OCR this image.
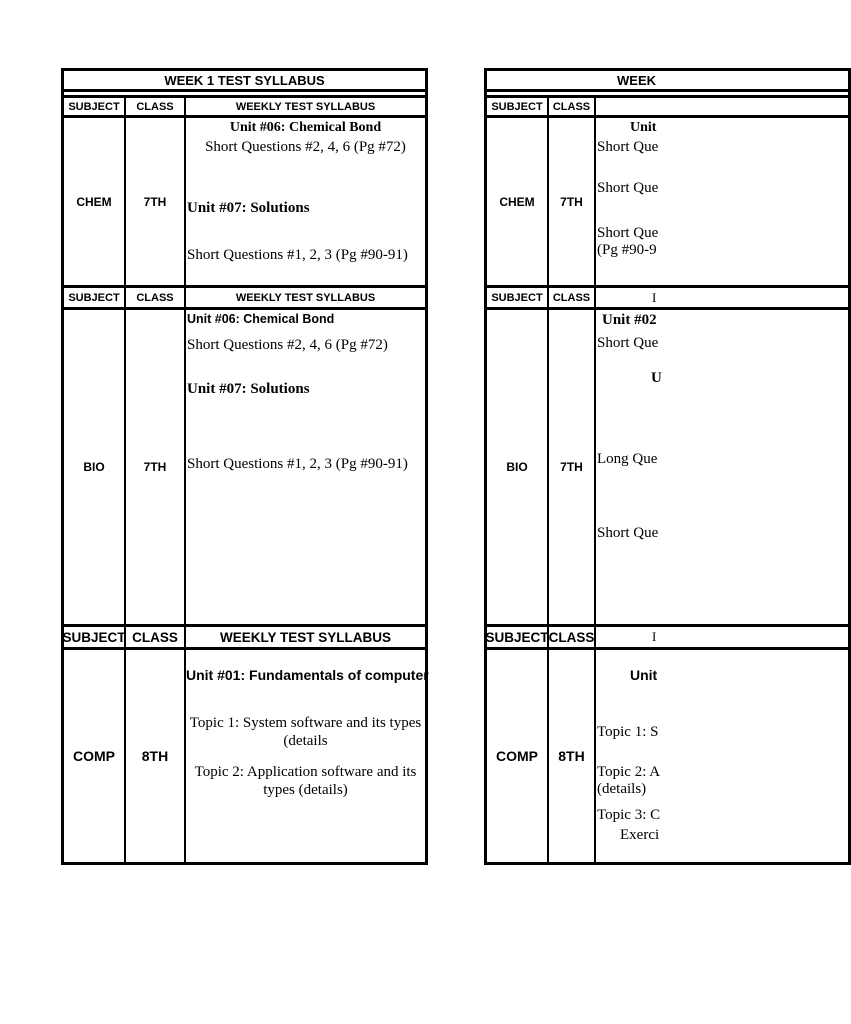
WEEK 1 TEST SYLLABUS
SUBJECT	CLASS	WEEKLY TEST SYLLABUS
CHEM	7TH
Unit #06: Chemical Bond
Short Questions #2, 4, 6 (Pg #72)
Unit #07: Solutions
Short Questions #1, 2, 3 (Pg #90-91)
SUBJECT	CLASS	WEEKLY TEST SYLLABUS
BIO	7TH
Unit #06: Chemical Bond
Short Questions #2, 4, 6 (Pg #72)
Unit #07: Solutions
Short Questions #1, 2, 3 (Pg #90-91)
SUBJECT CLASS	WEEKLY TEST SYLLABUS
COMP	8TH
Unit #01: Fundamentals of computer
Topic 1: System software and its types (details
Topic 2: Application software and its types (details)
WEEK
SUBJECT CLASS
CHEM	7TH
Unit
Short Que
Short Que
Short Que
(Pg #90-9
SUBJECT CLASS	I
BIO	7TH
Unit #02
Short Que
U
Long Que
Short Que
SUBJECT CLASS	I
COMP	8TH
Unit
Topic 1: S
Topic 2: A
(details)
Topic 3: C
Exerci
